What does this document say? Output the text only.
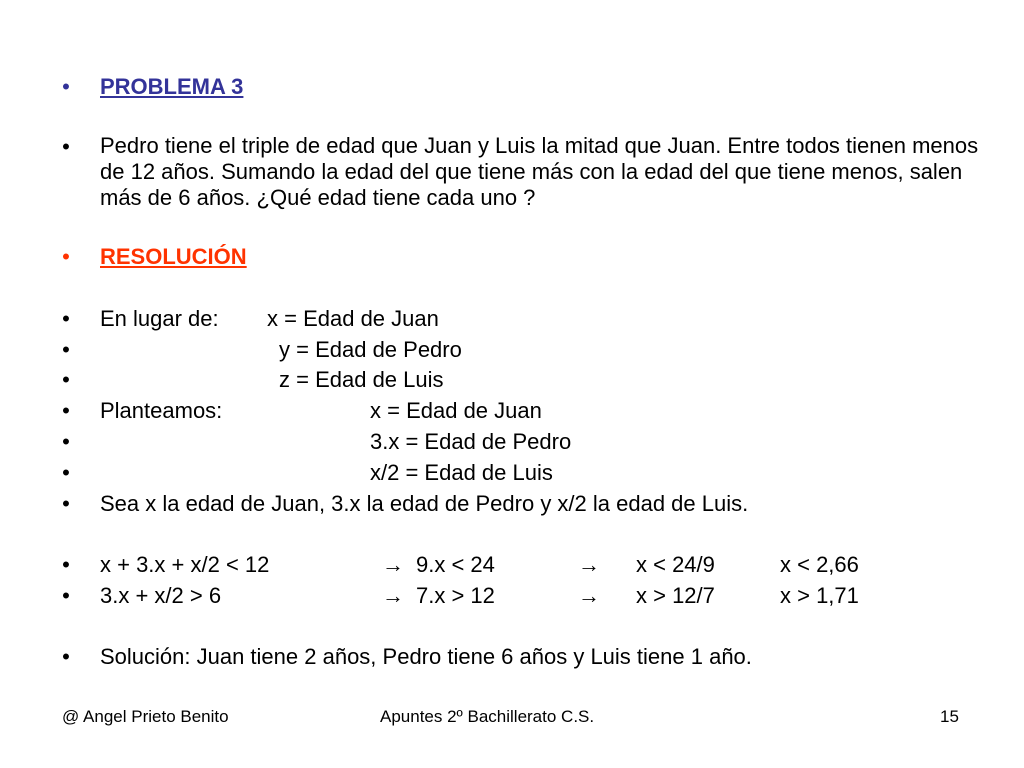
• PROBLEMA 3
• Pedro tiene el triple de edad que Juan y Luis la mitad que Juan. Entre todos tienen menos de 12 años. Sumando la edad del que tiene más con la edad del que tiene menos, salen más de 6 años. ¿Qué edad tiene cada uno ?
• RESOLUCIÓN
• En lugar de: x = Edad de Juan
•	y = Edad de Pedro
•	z = Edad de Luis
• Planteamos:	x = Edad de Juan
•	3.x = Edad de Pedro
•	x/2 = Edad de Luis
• Sea x la edad de Juan, 3.x la edad de Pedro y x/2 la edad de Luis.
• x + 3.x + x/2 < 12	→ 9.x < 24	→ x < 24/9	x < 2,66
• 3.x + x/2 > 6	→ 7.x > 12	→ x > 12/7	x > 1,71
• Solución: Juan tiene 2 años, Pedro tiene 6 años y Luis tiene 1 año.
@ Angel Prieto Benito	Apuntes 2º Bachillerato C.S.	15
